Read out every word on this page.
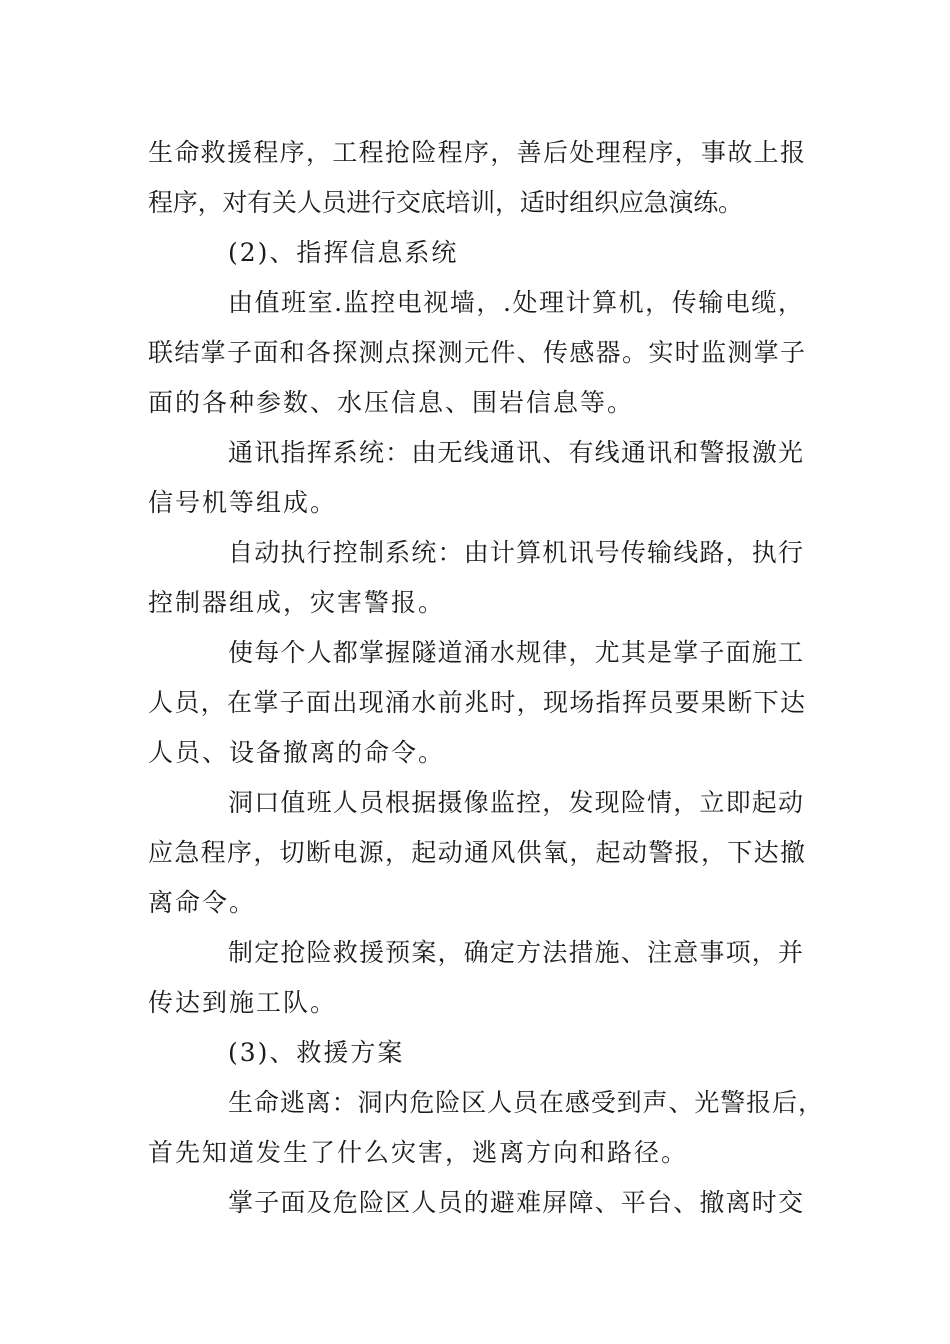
生命救援程序，工程抢险程序，善后处理程序，事故上报
程序，对有关人员进行交底培训，适时组织应急演练。
(2)、指挥信息系统
由值班室.监控电视墙，.处理计算机，传输电缆，
联结掌子面和各探测点探测元件、传感器。实时监测掌子
面的各种参数、水压信息、围岩信息等。
通讯指挥系统：由无线通讯、有线通讯和警报激光
信号机等组成。
自动执行控制系统：由计算机讯号传输线路，执行
控制器组成，灾害警报。
使每个人都掌握隧道涌水规律，尤其是掌子面施工
人员，在掌子面出现涌水前兆时，现场指挥员要果断下达
人员、设备撤离的命令。
洞口值班人员根据摄像监控，发现险情，立即起动
应急程序，切断电源，起动通风供氧，起动警报，下达撤
离命令。
制定抢险救援预案，确定方法措施、注意事项，并
传达到施工队。
(3)、救援方案
生命逃离：洞内危险区人员在感受到声、光警报后，
首先知道发生了什么灾害，逃离方向和路径。
掌子面及危险区人员的避难屏障、平台、撤离时交
